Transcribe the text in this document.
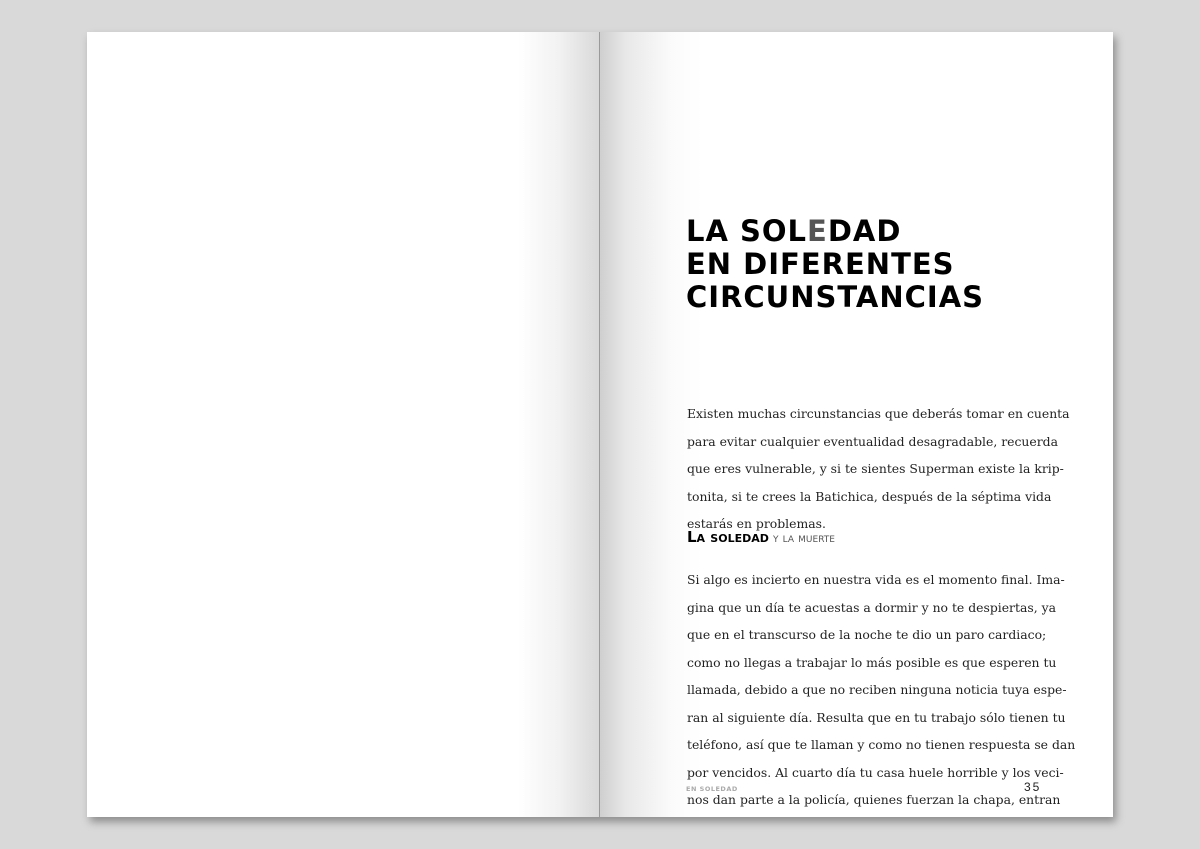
LA SOLEDAD
EN DIFERENTES
CIRCUNSTANCIAS
Existen muchas circunstancias que deberás tomar en cuenta
para evitar cualquier eventualidad desagradable, recuerda
que eres vulnerable, y si te sientes Superman existe la krip-
tonita, si te crees la Batichica, después de la séptima vida
estarás en problemas.
La soledad y la muerte
Si algo es incierto en nuestra vida es el momento final. Ima-
gina que un día te acuestas a dormir y no te despiertas, ya
que en el transcurso de la noche te dio un paro cardiaco;
como no llegas a trabajar lo más posible es que esperen tu
llamada, debido a que no reciben ninguna noticia tuya espe-
ran al siguiente día. Resulta que en tu trabajo sólo tienen tu
teléfono, así que te llaman y como no tienen respuesta se dan
por vencidos. Al cuarto día tu casa huele horrible y los veci-
nos dan parte a la policía, quienes fuerzan la chapa, entran
EN SOLEDAD	35
